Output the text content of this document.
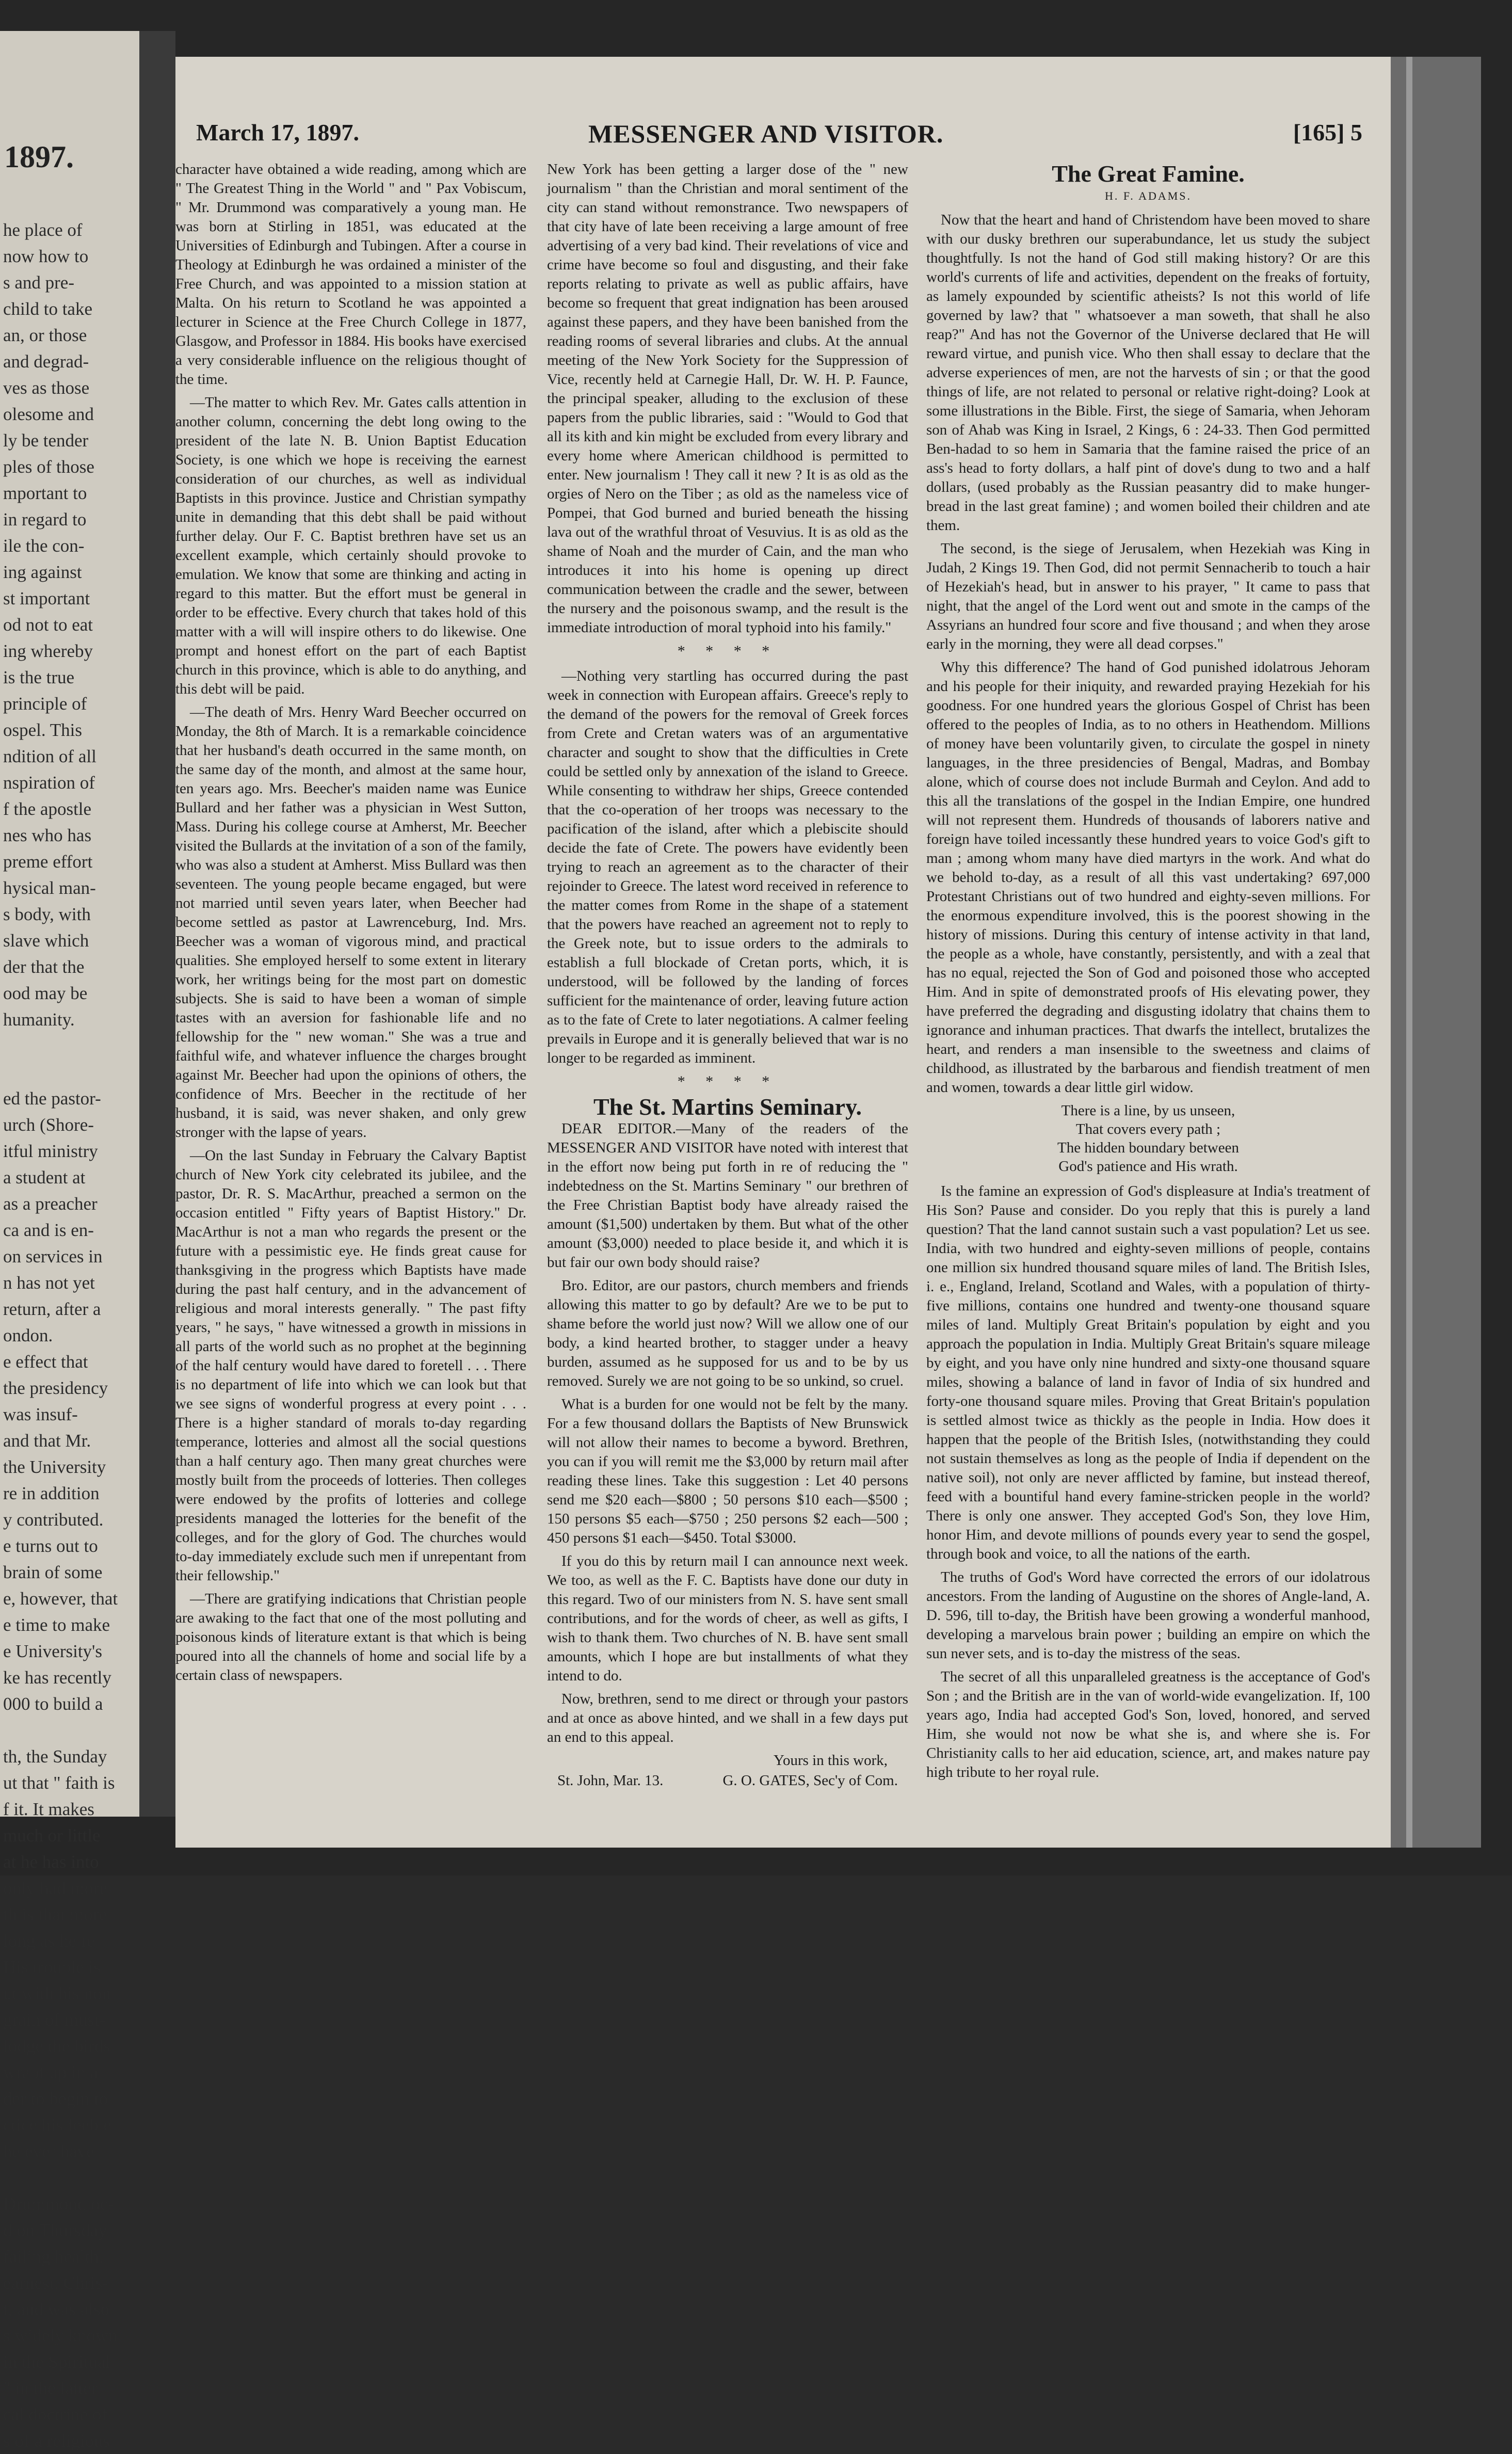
1897.
he place of
now how to
s and pre-
child to take
an, or those
and degrad-
ves as those
olesome and
ly be tender
ples of those
mportant to
in regard to
ile the con-
ing against
st important
od not to eat
ing whereby
is the true
principle of
ospel. This
ndition of all
nspiration of
f the apostle
nes who has
preme effort
hysical man-
s body, with
slave which
der that the
ood may be
humanity.

ed the pastor-
urch (Shore-
itful ministry
a student at
as a preacher
ca and is en-
on services in
n has not yet
return, after a
ondon.
e effect that
the presidency
was insuf-
and that Mr.
the University
re in addition
y contributed.
e turns out to
brain of some
e, however, that
e time to make
e University's
ke has recently
000 to build a

th, the Sunday
ut that " faith is
f it. It makes
much or little
at he has into
only had more
th is that more
long as he re
His trouble is
ut with his non
grain of must-
lodge the birds
wrapt up in a
der to begin to
ctice his feeble
he ever have

Drummond oc-
d on Thursday
failing health.
earnest, Chris-
t, and was also
s widely known
in the Spiritual
" in the latter
cal doctrine of
s of a religious
March 17, 1897.	MESSENGER AND VISITOR.	[165] 5

character have obtained a wide reading, among which are " The Greatest Thing in the World " and " Pax Vobiscum, " Mr. Drummond was comparatively a young man. He was born at Stirling in 1851, was educated at the Universities of Edinburgh and Tubingen. After a course in Theology at Edinburgh he was ordained a minister of the Free Church, and was appointed to a mission station at Malta. On his return to Scotland he was appointed a lecturer in Science at the Free Church College in 1877, Glasgow, and Professor in 1884. His books have exercised a very considerable influence on the religious thought of the time.

—The matter to which Rev. Mr. Gates calls attention in another column, concerning the debt long owing to the president of the late N. B. Union Baptist Education Society, is one which we hope is receiving the earnest consideration of our churches, as well as individual Baptists in this province. Justice and Christian sympathy unite in demanding that this debt shall be paid without further delay. Our F. C. Baptist brethren have set us an excellent example, which certainly should provoke to emulation. We know that some are thinking and acting in regard to this matter. But the effort must be general in order to be effective. Every church that takes hold of this matter with a will will inspire others to do likewise. One prompt and honest effort on the part of each Baptist church in this province, which is able to do anything, and this debt will be paid.

—The death of Mrs. Henry Ward Beecher occurred on Monday, the 8th of March. It is a remarkable coincidence that her husband's death occurred in the same month, on the same day of the month, and almost at the same hour, ten years ago. Mrs. Beecher's maiden name was Eunice Bullard and her father was a physician in West Sutton, Mass. During his college course at Amherst, Mr. Beecher visited the Bullards at the invitation of a son of the family, who was also a student at Amherst. Miss Bullard was then seventeen. The young people became engaged, but were not married until seven years later, when Beecher had become settled as pastor at Lawrenceburg, Ind. Mrs. Beecher was a woman of vigorous mind, and practical qualities. She employed herself to some extent in literary work, her writings being for the most part on domestic subjects. She is said to have been a woman of simple tastes with an aversion for fashionable life and no fellowship for the " new woman." She was a true and faithful wife, and whatever influence the charges brought against Mr. Beecher had upon the opinions of others, the confidence of Mrs. Beecher in the rectitude of her husband, it is said, was never shaken, and only grew stronger with the lapse of years.

—On the last Sunday in February the Calvary Baptist church of New York city celebrated its jubilee, and the pastor, Dr. R. S. MacArthur, preached a sermon on the occasion entitled " Fifty years of Baptist History." Dr. MacArthur is not a man who regards the present or the future with a pessimistic eye. He finds great cause for thanksgiving in the progress which Baptists have made during the past half century, and in the advancement of religious and moral interests generally. " The past fifty years, " he says, " have witnessed a growth in missions in all parts of the world such as no prophet at the beginning of the half century would have dared to foretell . . . There is no department of life into which we can look but that we see signs of wonderful progress at every point . . . There is a higher standard of morals to-day regarding temperance, lotteries and almost all the social questions than a half century ago. Then many great churches were mostly built from the proceeds of lotteries. Then colleges were endowed by the profits of lotteries and college presidents managed the lotteries for the benefit of the colleges, and for the glory of God. The churches would to-day immediately exclude such men if unrepentant from their fellowship."

—There are gratifying indications that Christian people are awaking to the fact that one of the most polluting and poisonous kinds of literature extant is that which is being poured into all the channels of home and social life by a certain class of newspapers.

New York has been getting a larger dose of the " new journalism " than the Christian and moral sentiment of the city can stand without remonstrance. Two newspapers of that city have of late been receiving a large amount of free advertising of a very bad kind. Their revelations of vice and crime have become so foul and disgusting, and their fake reports relating to private as well as public affairs, have become so frequent that great indignation has been aroused against these papers, and they have been banished from the reading rooms of several libraries and clubs. At the annual meeting of the New York Society for the Suppression of Vice, recently held at Carnegie Hall, Dr. W. H. P. Faunce, the principal speaker, alluding to the exclusion of these papers from the public libraries, said : "Would to God that all its kith and kin might be excluded from every library and every home where American childhood is permitted to enter. New journalism ! They call it new ? It is as old as the orgies of Nero on the Tiber ; as old as the nameless vice of Pompei, that God burned and buried beneath the hissing lava out of the wrathful throat of Vesuvius. It is as old as the shame of Noah and the murder of Cain, and the man who introduces it into his home is opening up direct communication between the cradle and the sewer, between the nursery and the poisonous swamp, and the result is the immediate introduction of moral typhoid into his family."

* * * *

—Nothing very startling has occurred during the past week in connection with European affairs. Greece's reply to the demand of the powers for the removal of Greek forces from Crete and Cretan waters was of an argumentative character and sought to show that the difficulties in Crete could be settled only by annexation of the island to Greece. While consenting to withdraw her ships, Greece contended that the co-operation of her troops was necessary to the pacification of the island, after which a plebiscite should decide the fate of Crete. The powers have evidently been trying to reach an agreement as to the character of their rejoinder to Greece. The latest word received in reference to the matter comes from Rome in the shape of a statement that the powers have reached an agreement not to reply to the Greek note, but to issue orders to the admirals to establish a full blockade of Cretan ports, which, it is understood, will be followed by the landing of forces sufficient for the maintenance of order, leaving future action as to the fate of Crete to later negotiations. A calmer feeling prevails in Europe and it is generally believed that war is no longer to be regarded as imminent.

* * * *
The St. Martins Seminary.

DEAR EDITOR.—Many of the readers of the MESSENGER AND VISITOR have noted with interest that in the effort now being put forth in re of reducing the " indebtedness on the St. Martins Seminary " our brethren of the Free Christian Baptist body have already raised the amount ($1,500) undertaken by them. But what of the other amount ($3,000) needed to place beside it, and which it is but fair our own body should raise?

Bro. Editor, are our pastors, church members and friends allowing this matter to go by default? Are we to be put to shame before the world just now? Will we allow one of our body, a kind hearted brother, to stagger under a heavy burden, assumed as he supposed for us and to be by us removed. Surely we are not going to be so unkind, so cruel.

What is a burden for one would not be felt by the many. For a few thousand dollars the Baptists of New Brunswick will not allow their names to become a byword. Brethren, you can if you will remit me the $3,000 by return mail after reading these lines. Take this suggestion : Let 40 persons send me $20 each—$800 ; 50 persons $10 each—$500 ; 150 persons $5 each—$750 ; 250 persons $2 each—500 ; 450 persons $1 each—$450. Total $3000.

If you do this by return mail I can announce next week. We too, as well as the F. C. Baptists have done our duty in this regard. Two of our ministers from N. S. have sent small contributions, and for the words of cheer, as well as gifts, I wish to thank them. Two churches of N. B. have sent small amounts, which I hope are but installments of what they intend to do.

Now, brethren, send to me direct or through your pastors and at once as above hinted, and we shall in a few days put an end to this appeal.

Yours in this work,
St. John, Mar. 13.	G. O. GATES, Sec'y of Com.
The Great Famine.
H. F. ADAMS.

Now that the heart and hand of Christendom have been moved to share with our dusky brethren our superabundance, let us study the subject thoughtfully. Is not the hand of God still making history? Or are this world's currents of life and activities, dependent on the freaks of fortuity, as lamely expounded by scientific atheists? Is not this world of life governed by law? that " whatsoever a man soweth, that shall he also reap?" And has not the Governor of the Universe declared that He will reward virtue, and punish vice. Who then shall essay to declare that the adverse experiences of men, are not the harvests of sin ; or that the good things of life, are not related to personal or relative right-doing? Look at some illustrations in the Bible. First, the siege of Samaria, when Jehoram son of Ahab was King in Israel, 2 Kings, 6 : 24-33. Then God permitted Ben-hadad to so hem in Samaria that the famine raised the price of an ass's head to forty dollars, a half pint of dove's dung to two and a half dollars, (used probably as the Russian peasantry did to make hunger-bread in the last great famine) ; and women boiled their children and ate them.

The second, is the siege of Jerusalem, when Hezekiah was King in Judah, 2 Kings 19. Then God, did not permit Sennacherib to touch a hair of Hezekiah's head, but in answer to his prayer, " It came to pass that night, that the angel of the Lord went out and smote in the camps of the Assyrians an hundred four score and five thousand ; and when they arose early in the morning, they were all dead corpses."

Why this difference? The hand of God punished idolatrous Jehoram and his people for their iniquity, and rewarded praying Hezekiah for his goodness. For one hundred years the glorious Gospel of Christ has been offered to the peoples of India, as to no others in Heathendom. Millions of money have been voluntarily given, to circulate the gospel in ninety languages, in the three presidencies of Bengal, Madras, and Bombay alone, which of course does not include Burmah and Ceylon. And add to this all the translations of the gospel in the Indian Empire, one hundred will not represent them. Hundreds of thousands of laborers native and foreign have toiled incessantly these hundred years to voice God's gift to man ; among whom many have died martyrs in the work. And what do we behold to-day, as a result of all this vast undertaking? 697,000 Protestant Christians out of two hundred and eighty-seven millions. For the enormous expenditure involved, this is the poorest showing in the history of missions. During this century of intense activity in that land, the people as a whole, have constantly, persistently, and with a zeal that has no equal, rejected the Son of God and poisoned those who accepted Him. And in spite of demonstrated proofs of His elevating power, they have preferred the degrading and disgusting idolatry that chains them to ignorance and inhuman practices. That dwarfs the intellect, brutalizes the heart, and renders a man insensible to the sweetness and claims of childhood, as illustrated by the barbarous and fiendish treatment of men and women, towards a dear little girl widow.

There is a line, by us unseen,
That covers every path ;
The hidden boundary between
God's patience and His wrath.

Is the famine an expression of God's displeasure at India's treatment of His Son? Pause and consider. Do you reply that this is purely a land question? That the land cannot sustain such a vast population? Let us see. India, with two hundred and eighty-seven millions of people, contains one million six hundred thousand square miles of land. The British Isles, i. e., England, Ireland, Scotland and Wales, with a population of thirty-five millions, contains one hundred and twenty-one thousand square miles of land. Multiply Great Britain's population by eight and you approach the population in India. Multiply Great Britain's square mileage by eight, and you have only nine hundred and sixty-one thousand square miles, showing a balance of land in favor of India of six hundred and forty-one thousand square miles. Proving that Great Britain's population is settled almost twice as thickly as the people in India. How does it happen that the people of the British Isles, (notwithstanding they could not sustain themselves as long as the people of India if dependent on the native soil), not only are never afflicted by famine, but instead thereof, feed with a bountiful hand every famine-stricken people in the world? There is only one answer. They accepted God's Son, they love Him, honor Him, and devote millions of pounds every year to send the gospel, through book and voice, to all the nations of the earth.

The truths of God's Word have corrected the errors of our idolatrous ancestors. From the landing of Augustine on the shores of Angle-land, A. D. 596, till to-day, the British have been growing a wonderful manhood, developing a marvelous brain power ; building an empire on which the sun never sets, and is to-day the mistress of the seas.

The secret of all this unparalleled greatness is the acceptance of God's Son ; and the British are in the van of world-wide evangelization. If, 100 years ago, India had accepted God's Son, loved, honored, and served Him, she would not now be what she is, and where she is. For Christianity calls to her aid education, science, art, and makes nature pay high tribute to her royal rule.
